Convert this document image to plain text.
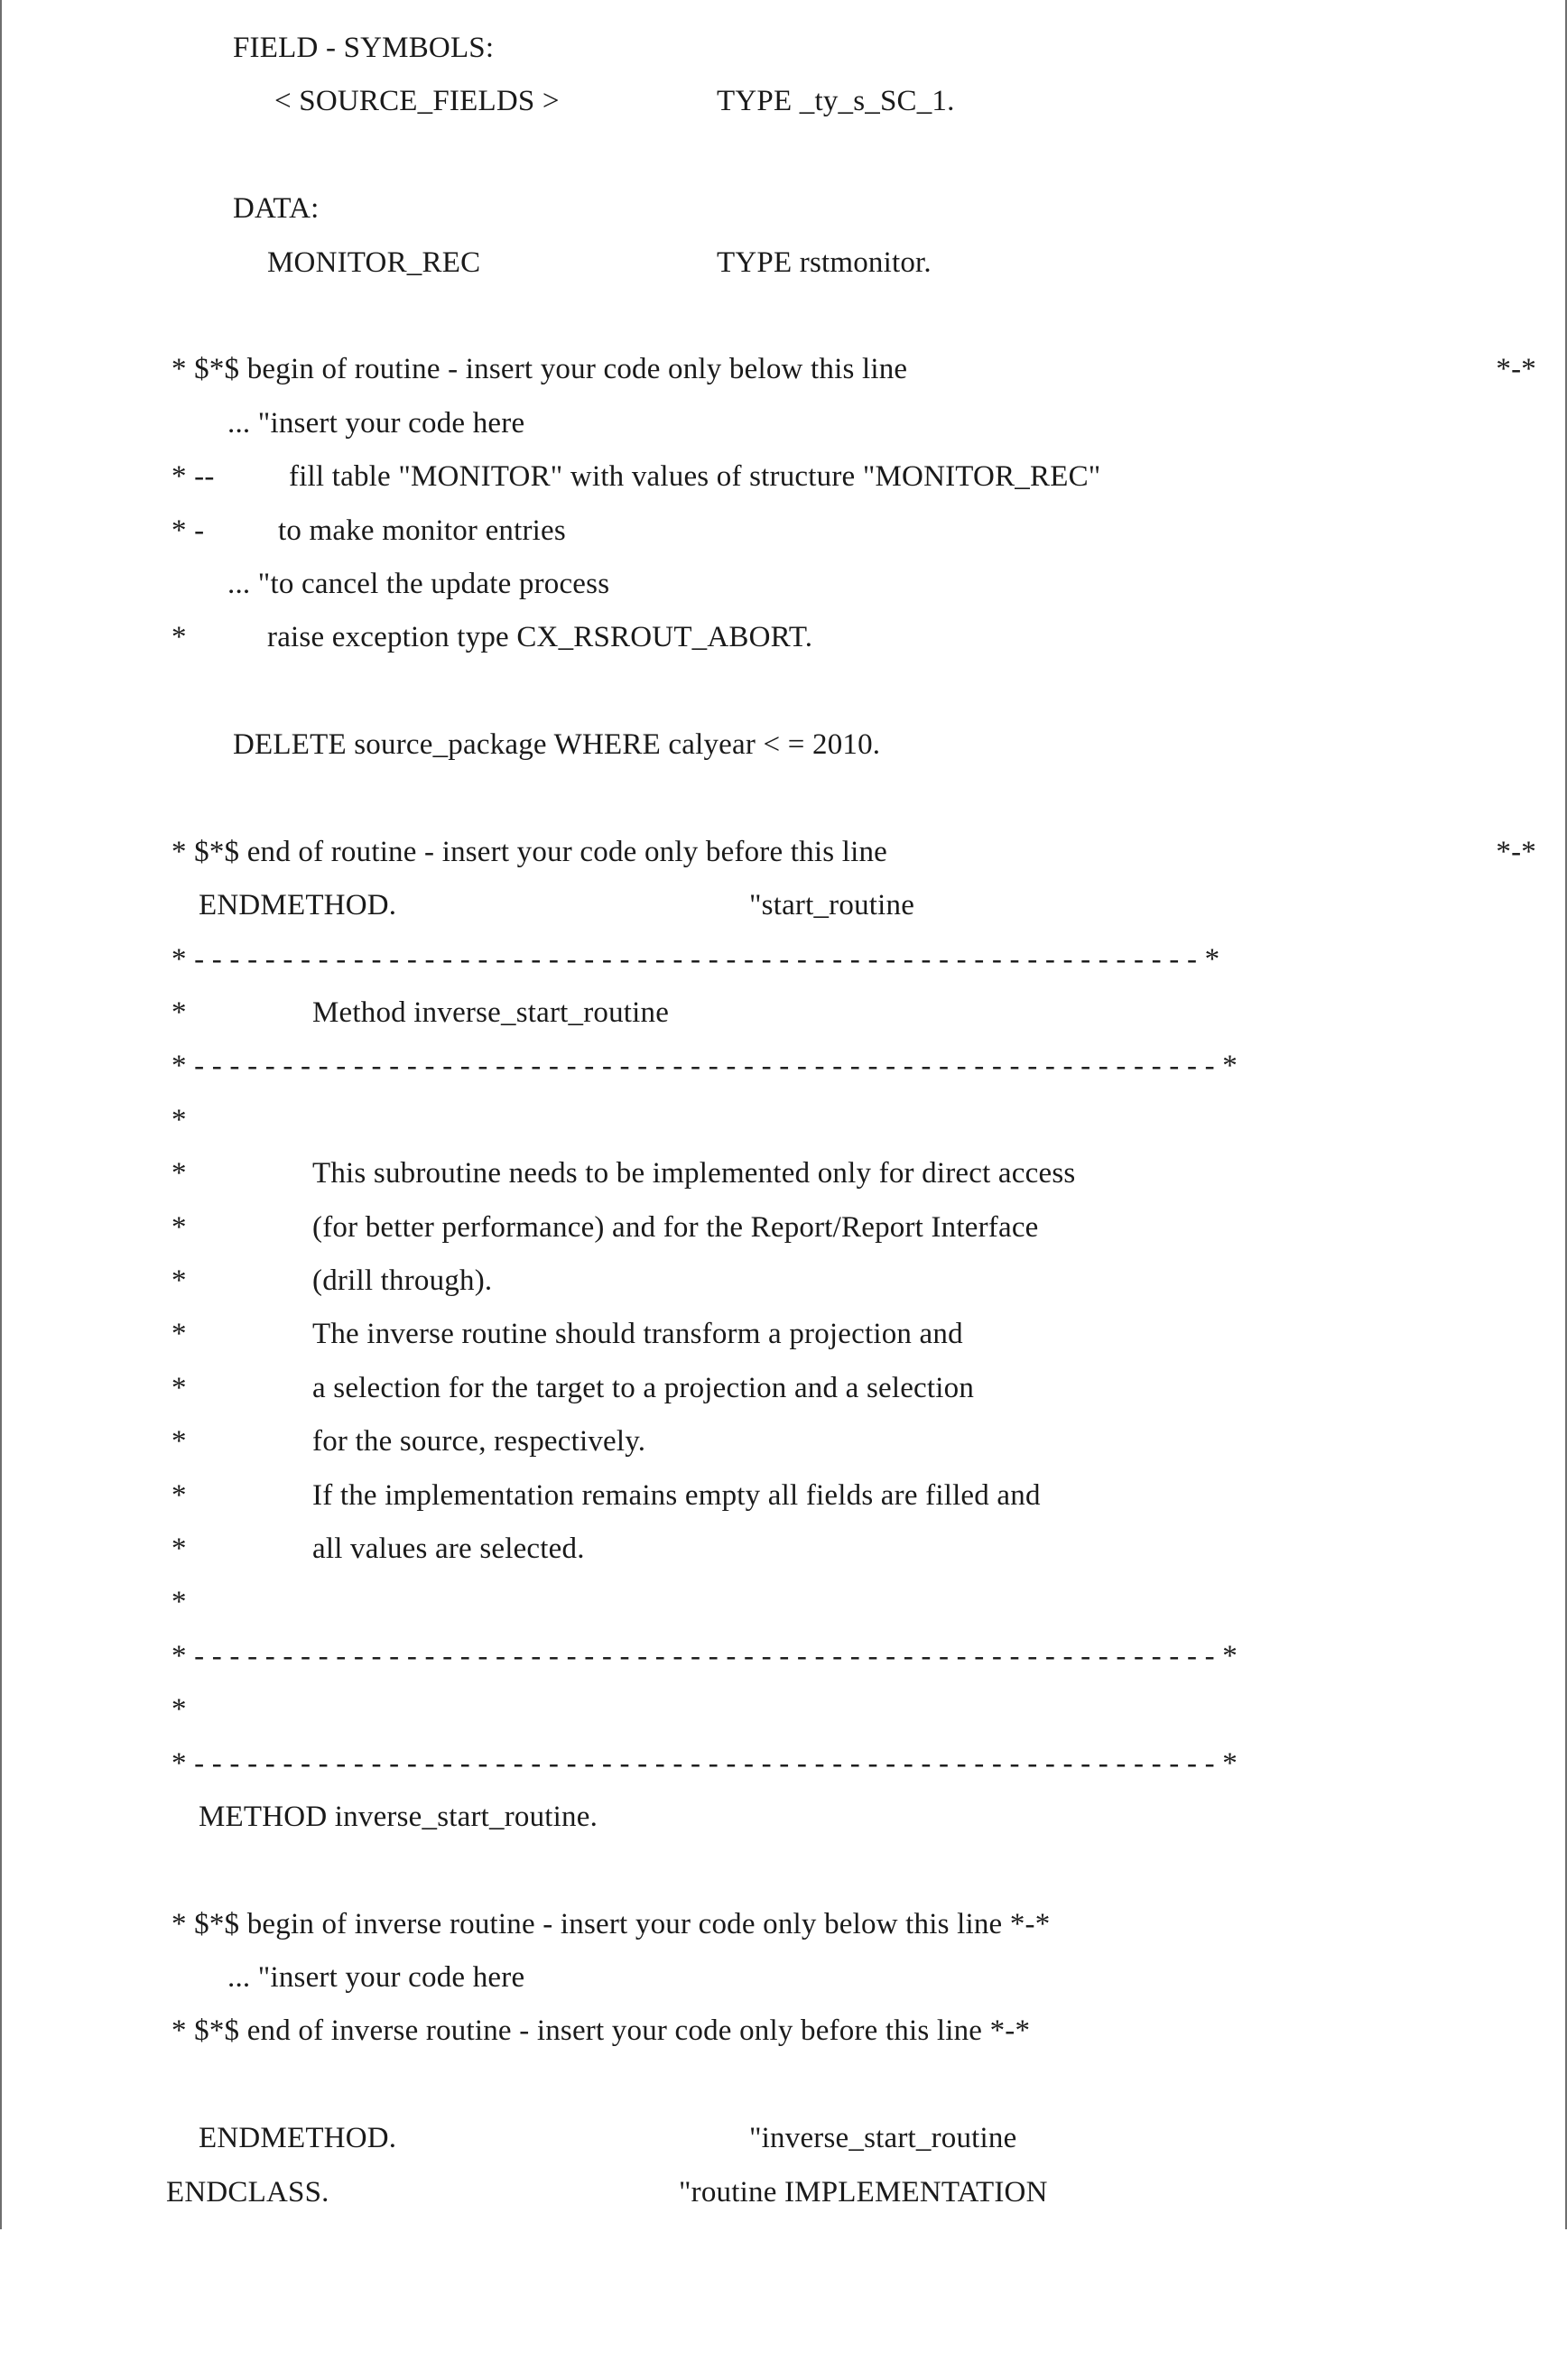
FIELD - SYMBOLS:

< SOURCE_FIELDS >

	TYPE _ty_s_SC_1.

DATA:

MONITOR_REC

	TYPE rstmonitor.

* $*$ begin of routine - insert your code only below this line

	*-*

... "insert your code here

* --

fill table "MONITOR" with values of structure "MONITOR_REC"

* -

to make monitor entries

... "to cancel the update process

*

	raise exception type CX_RSROUT_ABORT.

DELETE source_package WHERE calyear < = 2010.

* $*$ end of routine - insert your code only before this line

	*-*

ENDMETHOD.

	"start_routine

* - - - - - - - - - - - - - - - - - - - - - - - - - - - - - - - - - - - - - - - - - - - - - - - - - - - - - - - - - *

*

	Method inverse_start_routine

* - - - - - - - - - - - - - - - - - - - - - - - - - - - - - - - - - - - - - - - - - - - - - - - - - - - - - - - - - - *

*

*

	This subroutine needs to be implemented only for direct access

*

	(for better performance) and for the Report/Report Interface

*

	(drill through).

*

	The inverse routine should transform a projection and

*

	a selection for the target to a projection and a selection

*

	for the source, respectively.

*

	If the implementation remains empty all fields are filled and

*

	all values are selected.

*

* - - - - - - - - - - - - - - - - - - - - - - - - - - - - - - - - - - - - - - - - - - - - - - - - - - - - - - - - - - *

*

* - - - - - - - - - - - - - - - - - - - - - - - - - - - - - - - - - - - - - - - - - - - - - - - - - - - - - - - - - - *

METHOD inverse_start_routine.

* $*$ begin of inverse routine - insert your code only below this line *-*

... "insert your code here

* $*$ end of inverse routine - insert your code only before this line *-*

ENDMETHOD.

	"inverse_start_routine

ENDCLASS.

	"routine IMPLEMENTATION
